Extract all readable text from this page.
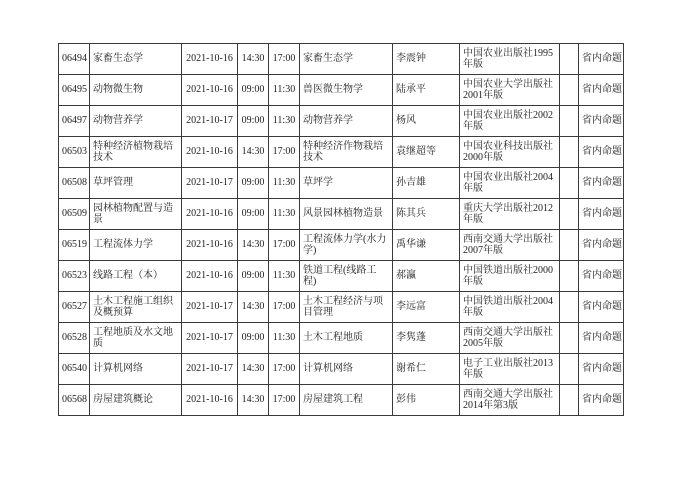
06494	家畜生态学	2021-10-16	14:30	17:00	家畜生态学	李震钟	中国农业出版社1995年版		省内命题
06495	动物微生物	2021-10-16	09:00	11:30	兽医微生物学	陆承平	中国农业大学出版社2001年版		省内命题
06497	动物营养学	2021-10-17	09:00	11:30	动物营养学	杨风	中国农业出版社2002年版		省内命题
06503	特种经济植物栽培技术	2021-10-16	14:30	17:00	特种经济作物栽培技术	袁继超等	中国农业科技出版社2000年版		省内命题
06508	草坪管理	2021-10-17	09:00	11:30	草坪学	孙吉雄	中国农业出版社2004年版		省内命题
06509	园林植物配置与造景	2021-10-16	09:00	11:30	风景园林植物造景	陈其兵	重庆大学出版社2012年版		省内命题
06519	工程流体力学	2021-10-16	14:30	17:00	工程流体力学(水力学)	禹华谦	西南交通大学出版社2007年版		省内命题
06523	线路工程（本）	2021-10-16	09:00	11:30	铁道工程(线路工程)	郝瀛	中国铁道出版社2000年版		省内命题
06527	土木工程施工组织及概预算	2021-10-17	14:30	17:00	土木工程经济与项目管理	李远富	中国铁道出版社2004年版		省内命题
06528	工程地质及水文地质	2021-10-17	09:00	11:30	土木工程地质	李隽蓬	西南交通大学出版社2005年版		省内命题
06540	计算机网络	2021-10-17	14:30	17:00	计算机网络	谢希仁	电子工业出版社2013年版		省内命题
06568	房屋建筑概论	2021-10-16	14:30	17:00	房屋建筑工程	彭伟	西南交通大学出版社2014年第3版		省内命题
